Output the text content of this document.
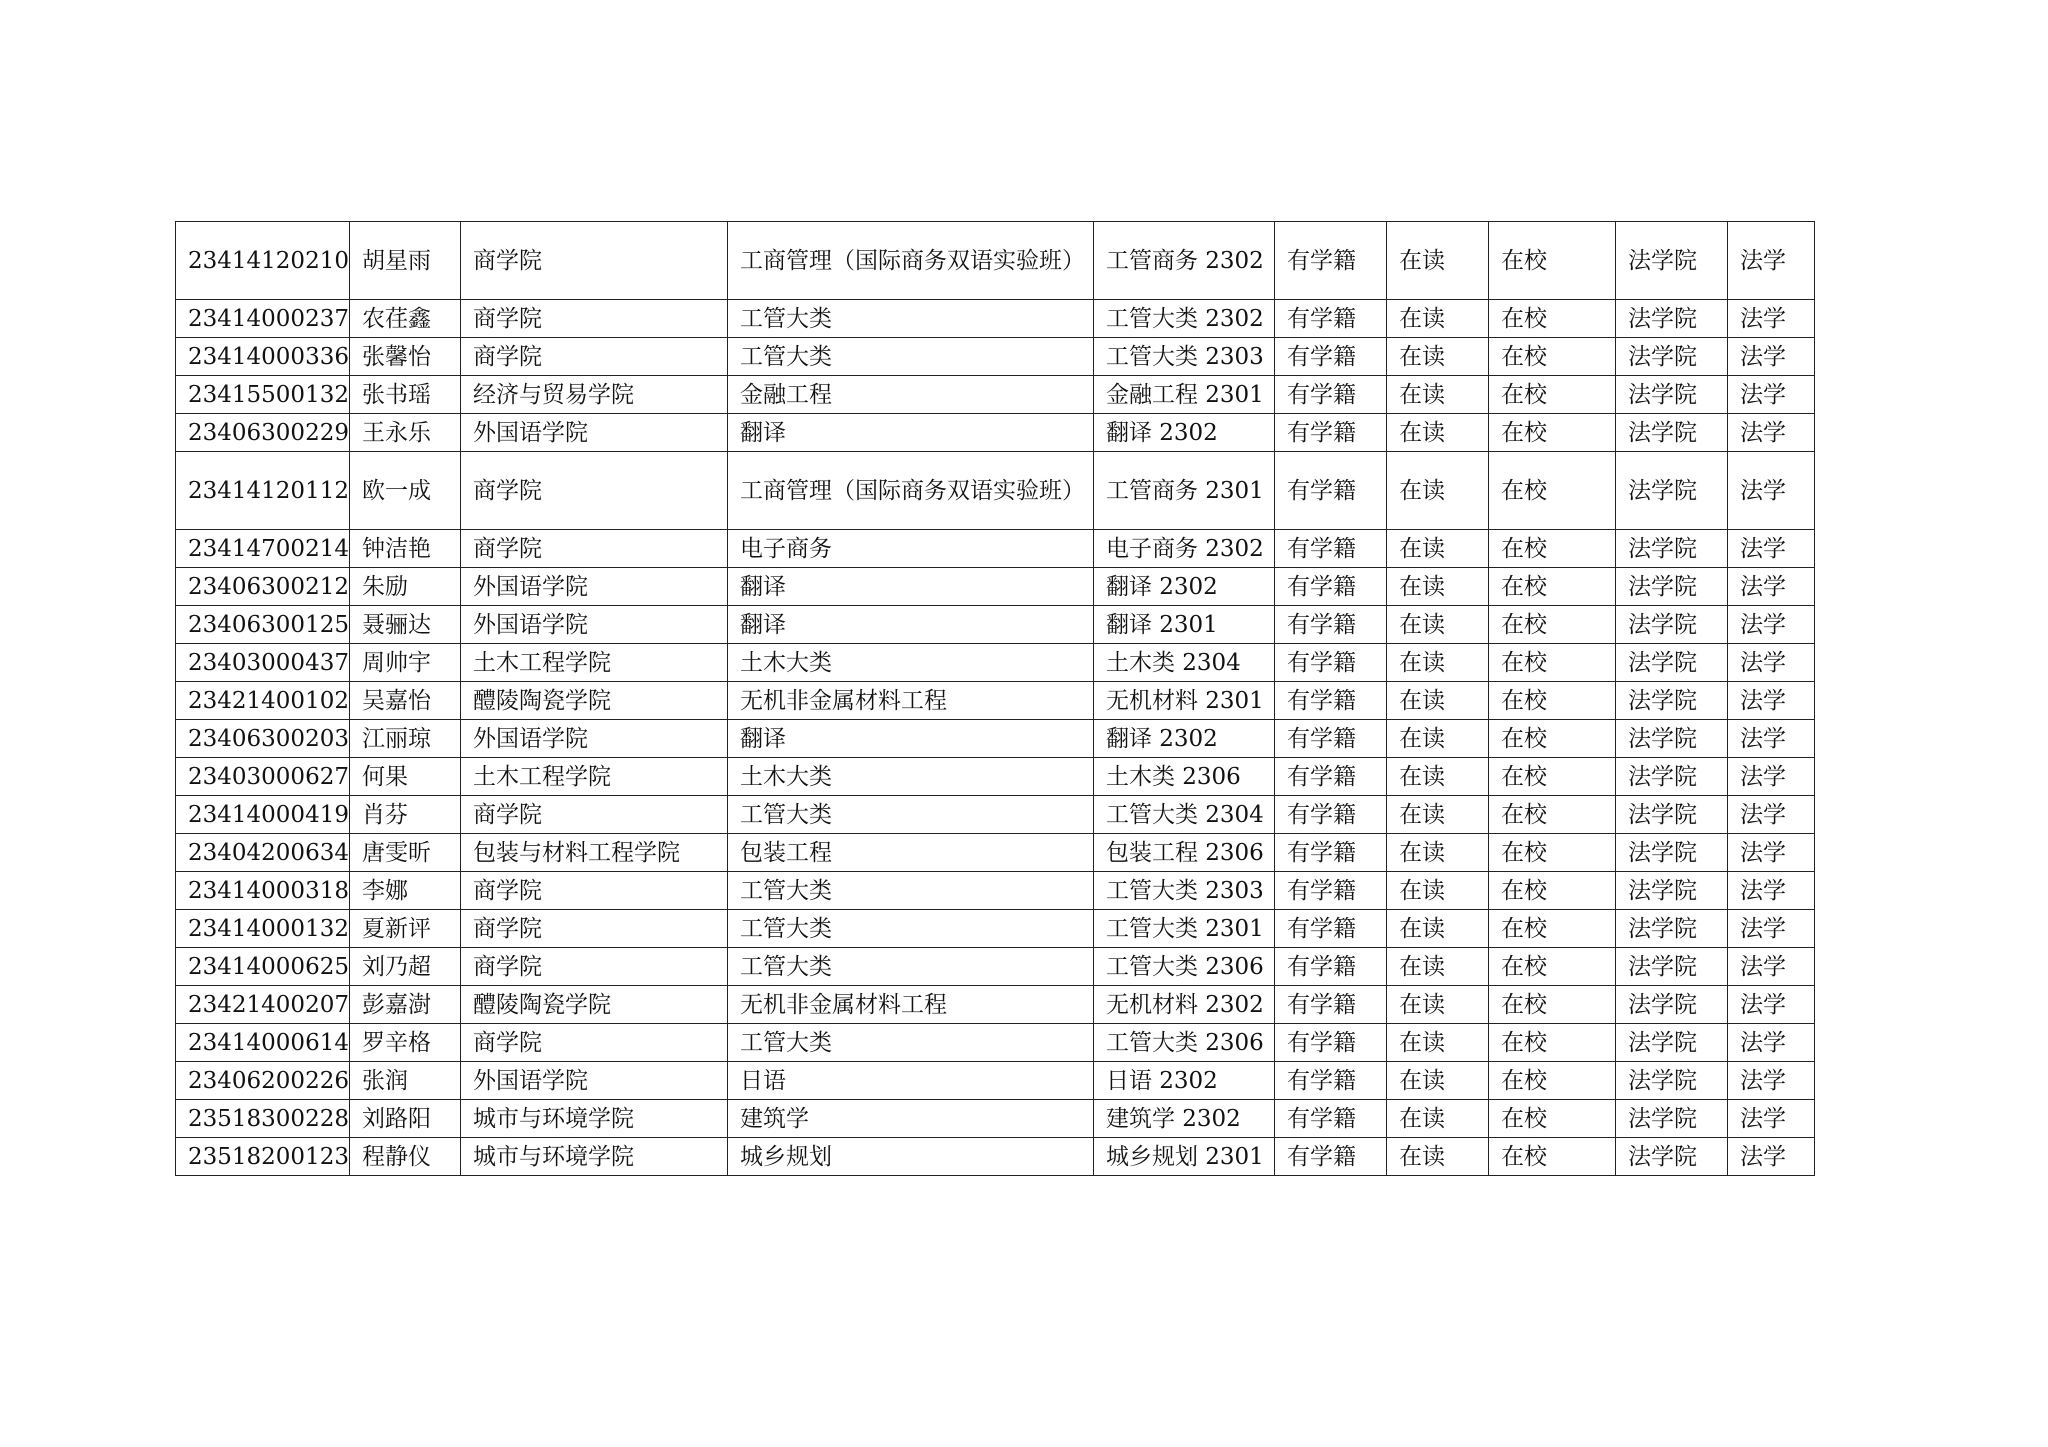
23414120210	胡星雨	商学院	工商管理（国际商务双语实验班）	工管商务 2302	有学籍	在读	在校	法学院	法学
23414000237	农荏鑫	商学院	工管大类	工管大类 2302	有学籍	在读	在校	法学院	法学
23414000336	张馨怡	商学院	工管大类	工管大类 2303	有学籍	在读	在校	法学院	法学
23415500132	张书瑶	经济与贸易学院	金融工程	金融工程 2301	有学籍	在读	在校	法学院	法学
23406300229	王永乐	外国语学院	翻译	翻译 2302	有学籍	在读	在校	法学院	法学
23414120112	欧一成	商学院	工商管理（国际商务双语实验班）	工管商务 2301	有学籍	在读	在校	法学院	法学
23414700214	钟洁艳	商学院	电子商务	电子商务 2302	有学籍	在读	在校	法学院	法学
23406300212	朱励	外国语学院	翻译	翻译 2302	有学籍	在读	在校	法学院	法学
23406300125	聂骊达	外国语学院	翻译	翻译 2301	有学籍	在读	在校	法学院	法学
23403000437	周帅宇	土木工程学院	土木大类	土木类 2304	有学籍	在读	在校	法学院	法学
23421400102	吴嘉怡	醴陵陶瓷学院	无机非金属材料工程	无机材料 2301	有学籍	在读	在校	法学院	法学
23406300203	江丽琼	外国语学院	翻译	翻译 2302	有学籍	在读	在校	法学院	法学
23403000627	何果	土木工程学院	土木大类	土木类 2306	有学籍	在读	在校	法学院	法学
23414000419	肖芬	商学院	工管大类	工管大类 2304	有学籍	在读	在校	法学院	法学
23404200634	唐雯昕	包装与材料工程学院	包装工程	包装工程 2306	有学籍	在读	在校	法学院	法学
23414000318	李娜	商学院	工管大类	工管大类 2303	有学籍	在读	在校	法学院	法学
23414000132	夏新评	商学院	工管大类	工管大类 2301	有学籍	在读	在校	法学院	法学
23414000625	刘乃超	商学院	工管大类	工管大类 2306	有学籍	在读	在校	法学院	法学
23421400207	彭嘉澍	醴陵陶瓷学院	无机非金属材料工程	无机材料 2302	有学籍	在读	在校	法学院	法学
23414000614	罗辛格	商学院	工管大类	工管大类 2306	有学籍	在读	在校	法学院	法学
23406200226	张润	外国语学院	日语	日语 2302	有学籍	在读	在校	法学院	法学
23518300228	刘路阳	城市与环境学院	建筑学	建筑学 2302	有学籍	在读	在校	法学院	法学
23518200123	程静仪	城市与环境学院	城乡规划	城乡规划 2301	有学籍	在读	在校	法学院	法学
